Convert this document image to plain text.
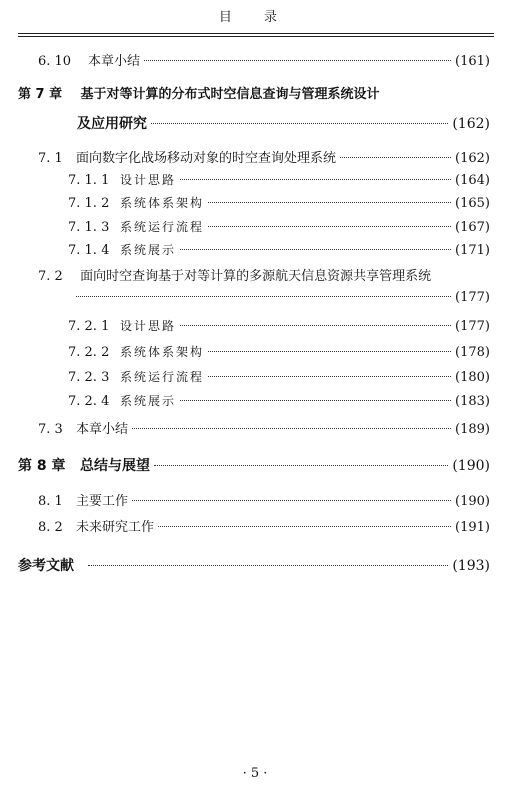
目 录
6. 10	本章小结	(161)
第 7 章 基于对等计算的分布式时空信息查询与管理系统设计
及应用研究	(162)
7. 1	面向数字化战场移动对象的时空查询处理系统	(162)
7. 1. 1 设计思路	(164)
7. 1. 2 系统体系架构	(165)
7. 1. 3 系统运行流程	(167)
7. 1. 4 系统展示	(171)
7. 2 面向时空查询基于对等计算的多源航天信息资源共享管理系统
(177)
7. 2. 1 设计思路	(177)
7. 2. 2 系统体系架构	(178)
7. 2. 3 系统运行流程	(180)
7. 2. 4 系统展示	(183)
7. 3	本章小结	(189)
第 8 章	总结与展望	(190)
8. 1	主要工作	(190)
8. 2	未来研究工作	(191)
参考文献	(193)
· 5 ·
